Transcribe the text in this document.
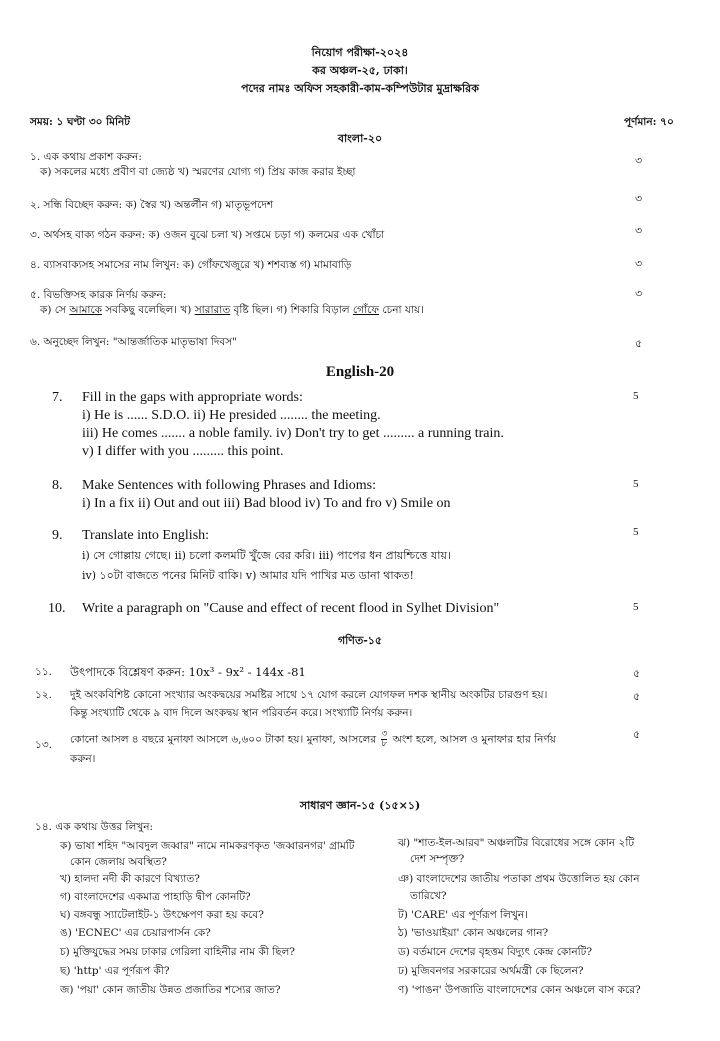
নিয়োগ পরীক্ষা-২০২৪
কর অঞ্চল-২৫, ঢাকা।
পদের নামঃ অফিস সহকারী-কাম-কম্পিউটার মুদ্রাক্ষরিক
সময়: ১ ঘণ্টা ৩০ মিনিট	পূর্ণমান: ৭০
বাংলা-২০
১. এক কথায় প্রকাশ করুন:
ক) সকলের মধ্যে প্রবীণ বা জ্যেষ্ঠ খ) স্মরণের যোগ্য গ) প্রিয় কাজ করার ইচ্ছা
৩
২. সন্ধি বিচ্ছেদ করুন: ক) স্বৈর খ) অন্তর্লীন গ) মাতৃভূপদেশ	৩
৩. অর্থসহ বাক্য গঠন করুন: ক) ওজন বুঝে চলা খ) সপ্তমে চড়া গ) কলমের এক খোঁচা	৩
৪. ব্যাসবাক্যসহ সমাসের নাম লিখুন: ক) গোঁফখেজুরে খ) শশব্যস্ত গ) মামাবাড়ি	৩
৫. বিভক্তিসহ কারক নির্ণয় করুন:
ক) সে আমাকে সবকিছু বলেছিল। খ) সারারাত বৃষ্টি ছিল। গ) শিকারি বিড়াল গোঁফে চেনা যায়।
৩
৬. অনুচ্ছেদ লিখুন: "আন্তর্জাতিক মাতৃভাষা দিবস"	৫
English-20
7. Fill in the gaps with appropriate words:
i) He is ...... S.D.O. ii) He presided ........ the meeting.
iii) He comes ....... a noble family. iv) Don't try to get ......... a running train.
v) I differ with you ......... this point.
5
8. Make Sentences with following Phrases and Idioms:
i) In a fix ii) Out and out iii) Bad blood iv) To and fro v) Smile on
5
9. Translate into English:
i) সে গোল্লায় গেছে। ii) চলো কলমটি খুঁজে বের করি। iii) পাপের ধন প্রায়শ্চিত্তে যায়।
iv) ১০টা বাজতে পনের মিনিট বাকি। v) আমার যদি পাখির মত ডানা থাকত!
5
10. Write a paragraph on "Cause and effect of recent flood in Sylhet Division"	5
গণিত-১৫
১১. উৎপাদকে বিশ্লেষণ করুন: 10x³ - 9x² - 144x -81	৫
১২. দুই অংকবিশিষ্ট কোনো সংখ্যার অংকদ্বয়ের সমষ্টির সাথে ১৭ যোগ করলে যোগফল দশক স্থানীয় অংকটির চারগুণ হয়।
কিন্তু সংখ্যাটি থেকে ৯ বাদ দিলে অংকদ্বয় স্থান পরিবর্তন করে। সংখ্যাটি নির্ণয় করুন।
৫
১৩. কোনো আসল ৪ বছরে মুনাফা আসলে ৬,৬০০ টাকা হয়। মুনাফা, আসলের ৩
৮ অংশ হলে, আসল ও মুনাফার হার নির্ণয়
করুন।
৫
সাধারণ জ্ঞান-১৫ (১৫×১)
১৪. এক কথায় উত্তর লিখুন:
ক) ভাষা শহিদ "আবদুল জব্বার" নামে নামকরণকৃত 'জব্বারনগর' গ্রামটি
কোন জেলায় অবস্থিত?
খ) হালদা নদী কী কারণে বিখ্যাত?
গ) বাংলাদেশের একমাত্র পাহাড়ি দ্বীপ কোনটি?
ঘ) বঙ্গবন্ধু স্যাটেলাইট-১ উৎক্ষেপণ করা হয় কবে?
ঙ) 'ECNEC' এর চেয়ারপার্সন কে?
চ) মুক্তিযুদ্ধের সময় ঢাকার গেরিলা বাহিনীর নাম কী ছিল?
ছ) 'http' এর পূর্ণরূপ কী?
জ) 'পয়া' কোন জাতীয় উন্নত প্রজাতির শস্যের জাত?
ঝ) "শাত-ইল-আরব" অঞ্চলটির বিরোধের সঙ্গে কোন ২টি
দেশ সম্পৃক্ত?
ঞ) বাংলাদেশের জাতীয় পতাকা প্রথম উত্তোলিত হয় কোন
তারিখে?
ট) 'CARE' এর পূর্ণরূপ লিখুন।
ঠ) 'ভাওয়াইয়া' কোন অঞ্চলের গান?
ড) বর্তমানে দেশের বৃহত্তম বিদ্যুৎ কেন্দ্র কোনটি?
ঢ) মুজিবনগর সরকারের অর্থমন্ত্রী কে ছিলেন?
ণ) 'পাঙন' উপজাতি বাংলাদেশের কোন অঞ্চলে বাস করে?
